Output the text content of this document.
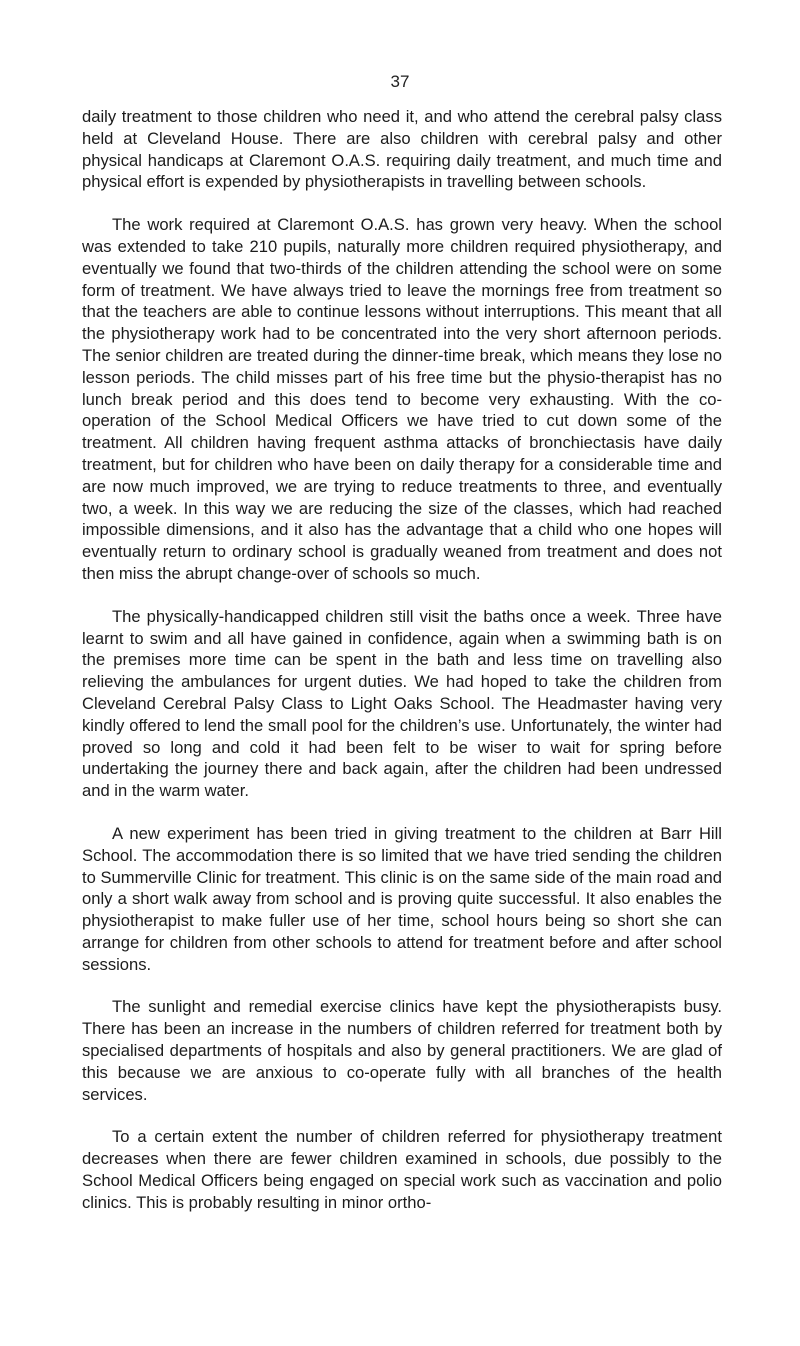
37

daily treatment to those children who need it, and who attend the cerebral palsy class held at Cleveland House. There are also children with cerebral palsy and other physical handicaps at Claremont O.A.S. requiring daily treatment, and much time and physical effort is expended by physiotherapists in travelling between schools.

The work required at Claremont O.A.S. has grown very heavy. When the school was extended to take 210 pupils, naturally more children required physiotherapy, and eventually we found that two-thirds of the children attending the school were on some form of treatment. We have always tried to leave the mornings free from treatment so that the teachers are able to continue lessons without interruptions. This meant that all the physiotherapy work had to be concentrated into the very short afternoon periods. The senior children are treated during the dinner-time break, which means they lose no lesson periods. The child misses part of his free time but the physio-therapist has no lunch break period and this does tend to become very exhausting. With the co-operation of the School Medical Officers we have tried to cut down some of the treatment. All children having frequent asthma attacks of bronchiectasis have daily treatment, but for children who have been on daily therapy for a considerable time and are now much improved, we are trying to reduce treatments to three, and eventually two, a week. In this way we are reducing the size of the classes, which had reached impossible dimensions, and it also has the advantage that a child who one hopes will eventually return to ordinary school is gradually weaned from treatment and does not then miss the abrupt change-over of schools so much.

The physically-handicapped children still visit the baths once a week. Three have learnt to swim and all have gained in confidence, again when a swimming bath is on the premises more time can be spent in the bath and less time on travelling also relieving the ambulances for urgent duties. We had hoped to take the children from Cleveland Cerebral Palsy Class to Light Oaks School. The Headmaster having very kindly offered to lend the small pool for the children’s use. Unfortunately, the winter had proved so long and cold it had been felt to be wiser to wait for spring before undertaking the journey there and back again, after the children had been undressed and in the warm water.

A new experiment has been tried in giving treatment to the children at Barr Hill School. The accommodation there is so limited that we have tried sending the children to Summerville Clinic for treatment. This clinic is on the same side of the main road and only a short walk away from school and is proving quite successful. It also enables the physiotherapist to make fuller use of her time, school hours being so short she can arrange for children from other schools to attend for treatment before and after school sessions.

The sunlight and remedial exercise clinics have kept the physiotherapists busy. There has been an increase in the numbers of children referred for treatment both by specialised departments of hospitals and also by general practitioners. We are glad of this because we are anxious to co-operate fully with all branches of the health services.

To a certain extent the number of children referred for physiotherapy treatment decreases when there are fewer children examined in schools, due possibly to the School Medical Officers being engaged on special work such as vaccination and polio clinics. This is probably resulting in minor ortho-
